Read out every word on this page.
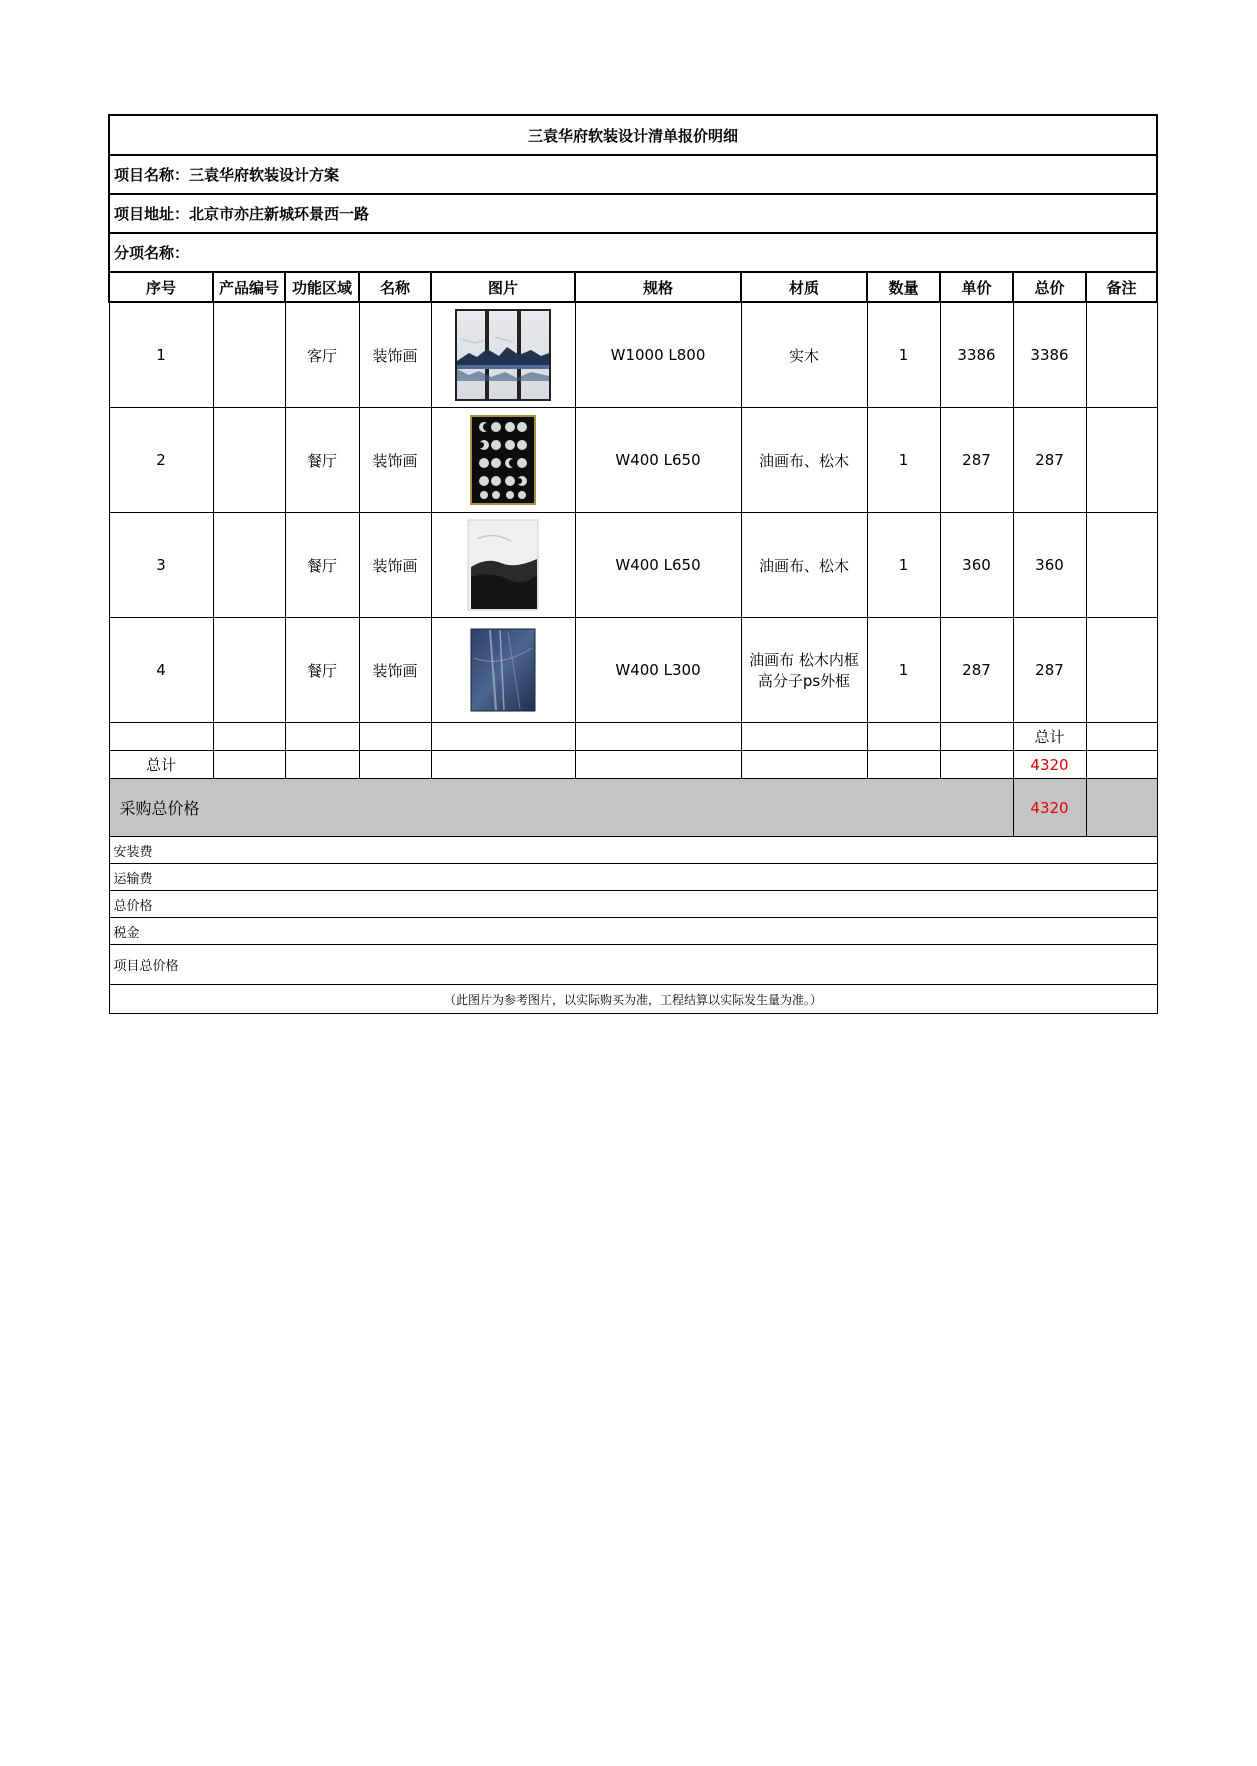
三袁华府软装设计清单报价明细										
项目名称：三袁华府软装设计方案										
项目地址：北京市亦庄新城环景西一路										
分项名称：										
序号	产品编号	功能区域	名称	图片	规格	材质	数量	单价	总价	备注
1		客厅	装饰画		W1000 L800	实木	1	3386	3386	
2		餐厅	装饰画		W400 L650	油画布、松木	1	287	287	
3		餐厅	装饰画		W400 L650	油画布、松木	1	360	360	
4		餐厅	装饰画		W400 L300	油画布 松木内框
高分子ps外框	1	287	287	
									总计	
总计									4320	
采购总价格									4320	
安装费										
运输费										
总价格										
税金										
项目总价格										
（此图片为参考图片，以实际购买为准，工程结算以实际发生量为准。）										
